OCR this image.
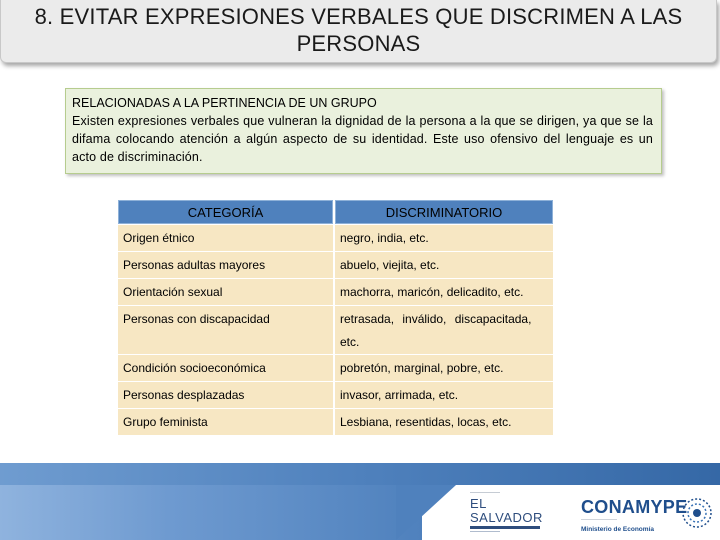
8. EVITAR EXPRESIONES VERBALES QUE DISCRIMEN A LAS
PERSONAS
RELACIONADAS A LA PERTINENCIA DE UN GRUPO
Existen expresiones verbales que vulneran la dignidad de la persona a la que se dirigen, ya que se la difama colocando atención a algún aspecto de su identidad. Este uso ofensivo del lenguaje es un acto de discriminación.
CATEGORÍA	DISCRIMINATORIO
Origen étnico	negro, india, etc.
Personas adultas mayores	abuelo, viejita, etc.
Orientación sexual	machorra, maricón, delicadito, etc.
Personas con discapacidad	retrasada, inválido, discapacitada,
etc.
Condición socioeconómica	pobretón, marginal, pobre, etc.
Personas desplazadas	invasor, arrimada, etc.
Grupo feminista	Lesbiana, resentidas, locas, etc.
——————
EL SALVADOR
——————
CONAMYPE
————————
Ministerio de Economía
